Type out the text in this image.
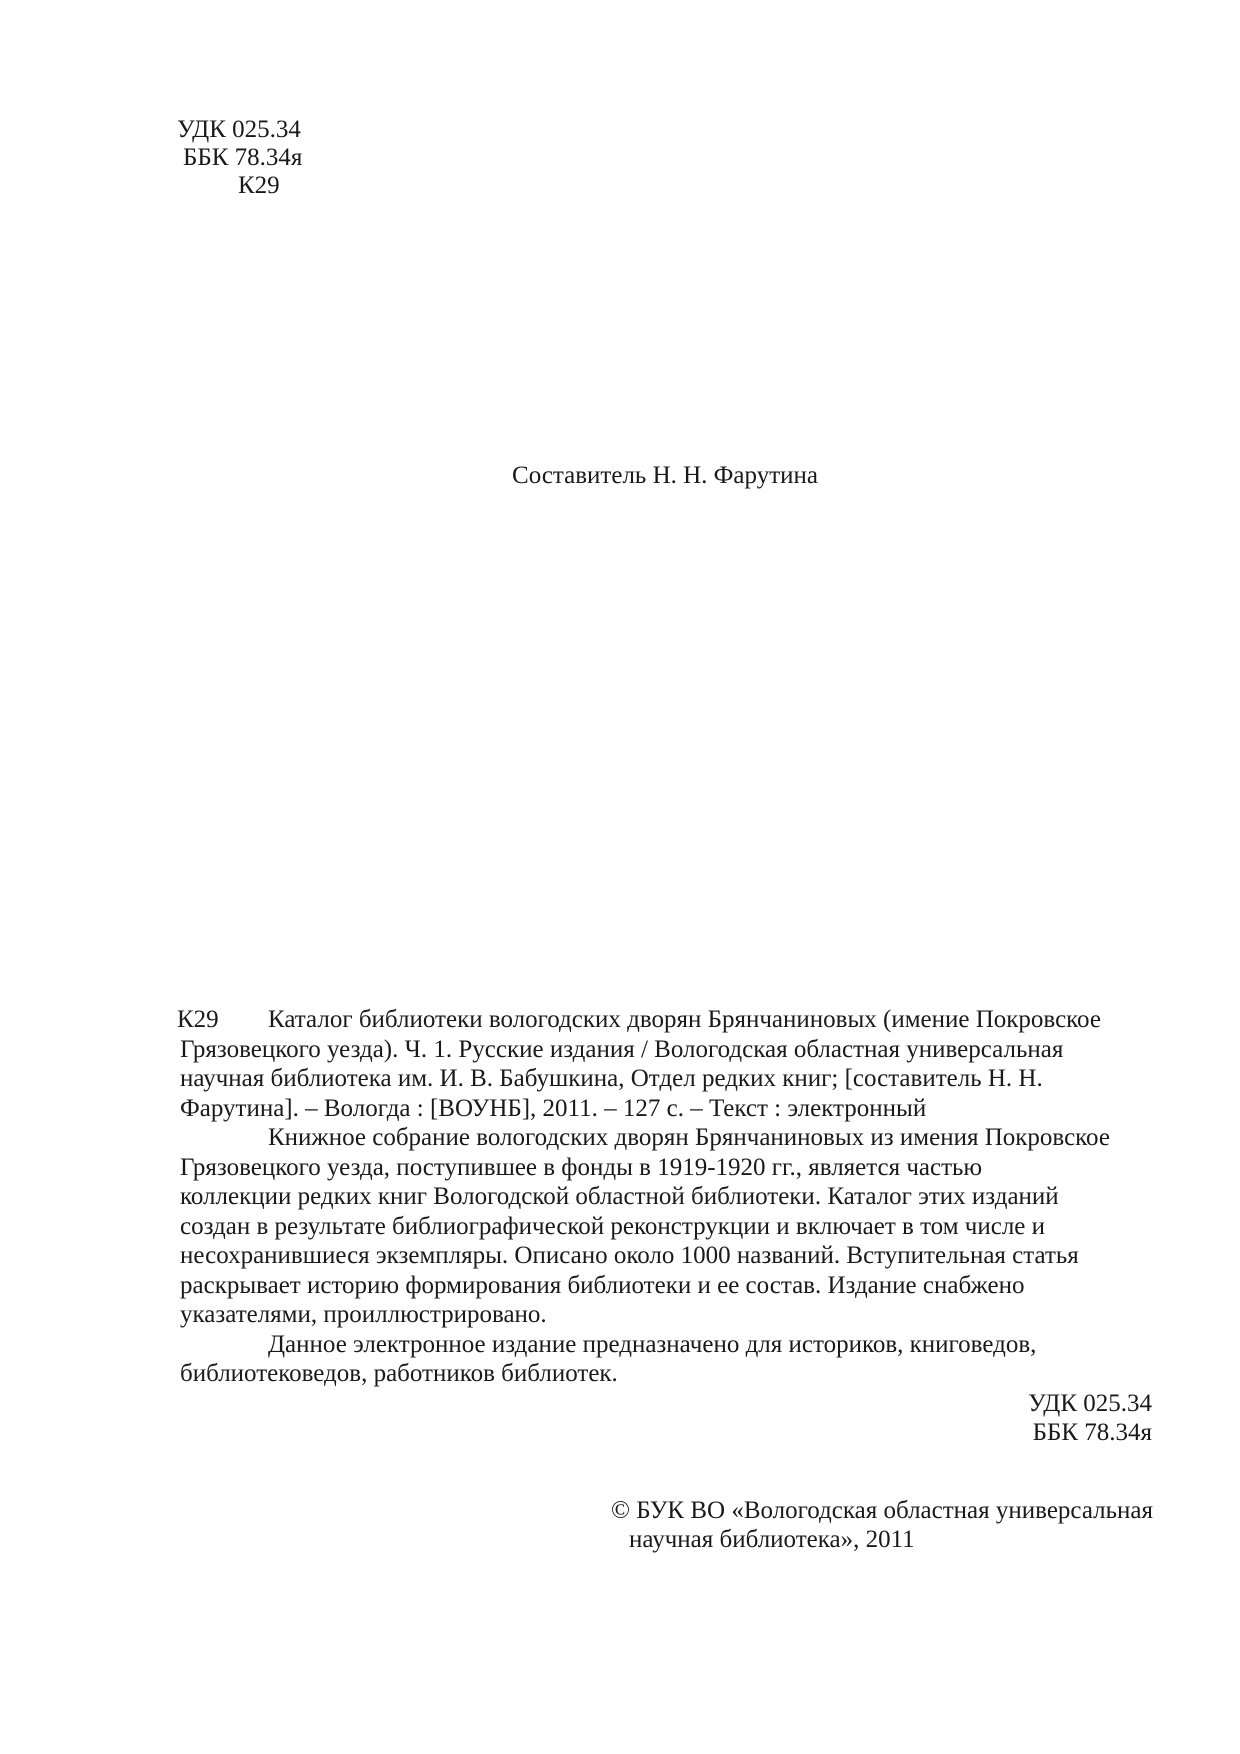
УДК 025.34
ББК 78.34я
К29
Составитель Н. Н. Фарутина
К29	Каталог библиотеки вологодских дворян Брянчаниновых (имение Покровское
Грязовецкого уезда). Ч. 1. Русские издания / Вологодская областная универсальная
научная библиотека им. И. В. Бабушкина, Отдел редких книг; [составитель Н. Н.
Фарутина]. – Вологда : [ВОУНБ], 2011. – 127 с. – Текст : электронный
Книжное собрание вологодских дворян Брянчаниновых из имения Покровское
Грязовецкого уезда, поступившее в фонды в 1919-1920 гг., является частью
коллекции редких книг Вологодской областной библиотеки. Каталог этих изданий
создан в результате библиографической реконструкции и включает в том числе и
несохранившиеся экземпляры. Описано около 1000 названий. Вступительная статья
раскрывает историю формирования библиотеки и ее состав. Издание снабжено
указателями, проиллюстрировано.
Данное электронное издание предназначено для историков, книговедов,
библиотековедов, работников библиотек.
УДК 025.34
ББК 78.34я
© БУК ВО «Вологодская областная универсальная
научная библиотека», 2011
